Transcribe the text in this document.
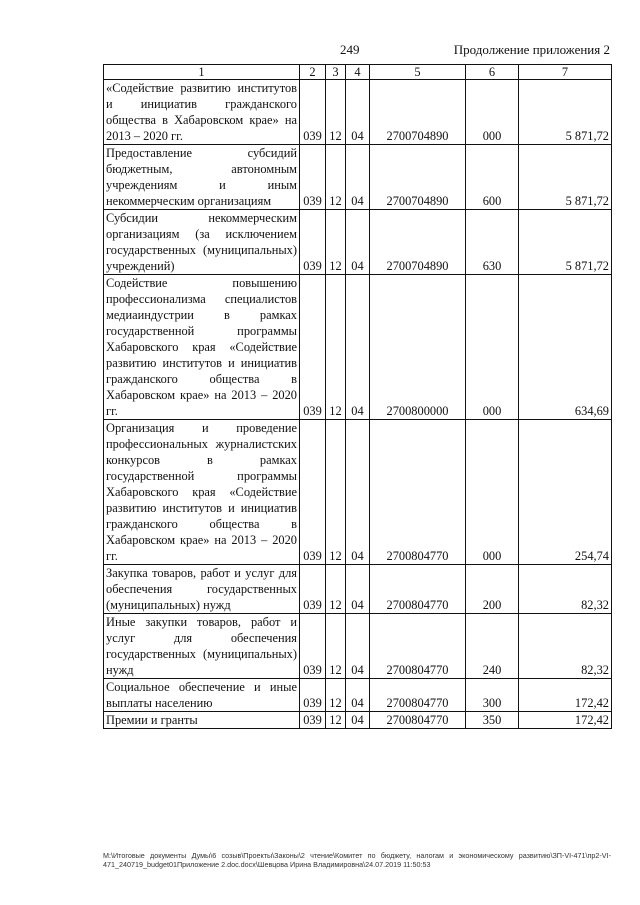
249	Продолжение приложения 2
1	2	3	4	5	6	7
«Содействие развитию институтов и инициатив гражданского общества в Хабаровском крае» на 2013 – 2020 гг.	039	12	04	2700704890	000	5 871,72
Предоставление субсидий бюджетным, автономным учреждениям и иным некоммерческим организациям	039	12	04	2700704890	600	5 871,72
Субсидии некоммерческим организациям (за исключением государственных (муниципальных) учреждений)	039	12	04	2700704890	630	5 871,72
Содействие повышению профессионализма специалистов медиаиндустрии в рамках государственной программы Хабаровского края «Содействие развитию институтов и инициатив гражданского общества в Хабаровском крае» на 2013 – 2020 гг.	039	12	04	2700800000	000	634,69
Организация и проведение профессиональных журналистских конкурсов в рамках государственной программы Хабаровского края «Содействие развитию институтов и инициатив гражданского общества в Хабаровском крае» на 2013 – 2020 гг.	039	12	04	2700804770	000	254,74
Закупка товаров, работ и услуг для обеспечения государственных (муниципальных) нужд	039	12	04	2700804770	200	82,32
Иные закупки товаров, работ и услуг для обеспечения государственных (муниципальных) нужд	039	12	04	2700804770	240	82,32
Социальное обеспечение и иные выплаты населению	039	12	04	2700804770	300	172,42
Премии и гранты	039	12	04	2700804770	350	172,42
M:\Итоговые документы Думы\6 созыв\Проекты\Законы\2 чтение\Комитет по бюджету, налогам и экономическому развитию\ЗП-VI-471\пр2-VI-471_240719_budget01Приложение 2.doc.docx\Шевцова Ирина Владимировна\24.07.2019 11:50:53
